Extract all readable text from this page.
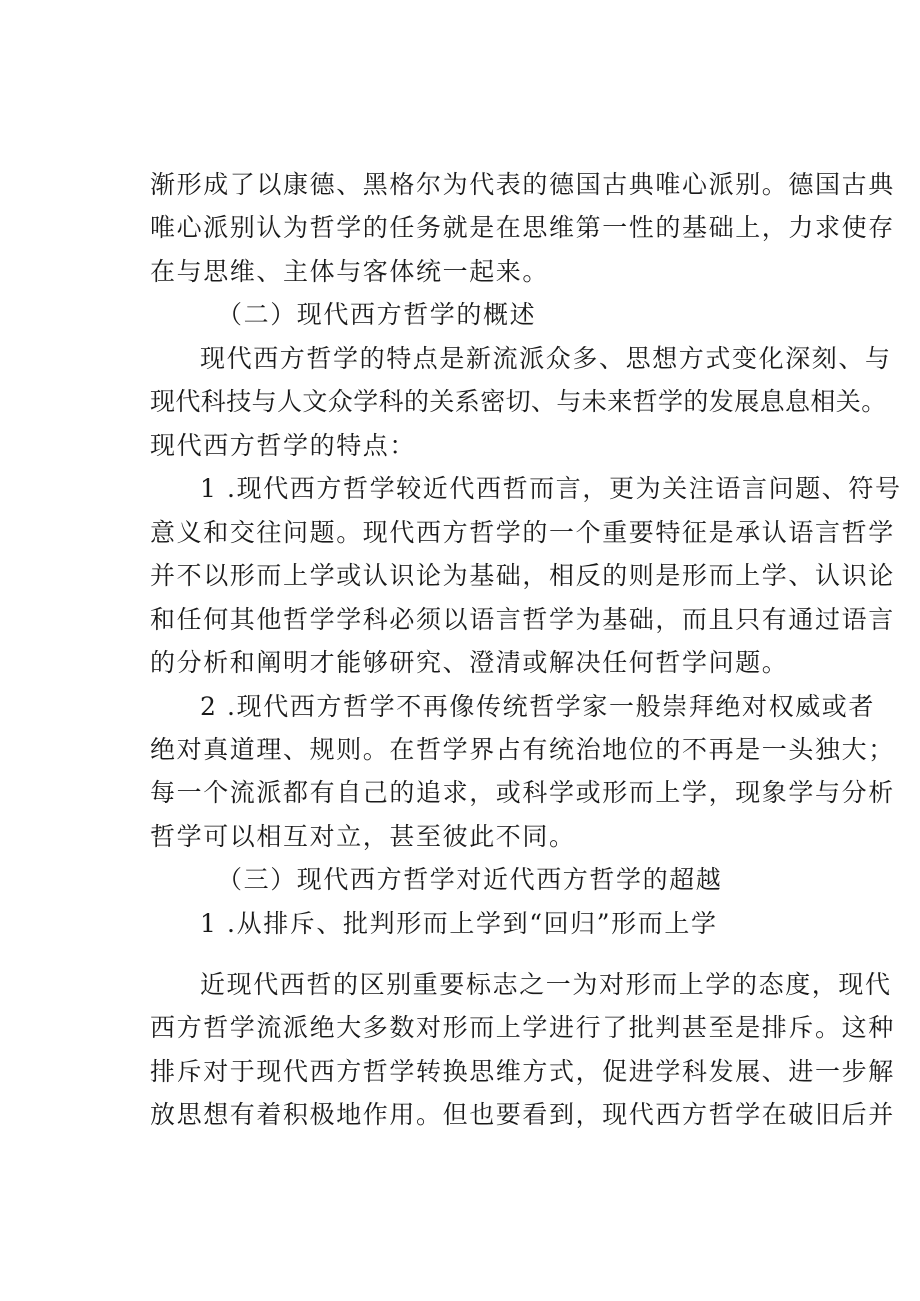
渐形成了以康德、黑格尔为代表的德国古典唯心派别。德国古典
唯心派别认为哲学的任务就是在思维第一性的基础上，力求使存
在与思维、主体与客体统一起来。
（二）现代西方哲学的概述
现代西方哲学的特点是新流派众多、思想方式变化深刻、与
现代科技与人文众学科的关系密切、与未来哲学的发展息息相关。
现代西方哲学的特点：
1 .现代西方哲学较近代西哲而言，更为关注语言问题、符号
意义和交往问题。现代西方哲学的一个重要特征是承认语言哲学
并不以形而上学或认识论为基础，相反的则是形而上学、认识论
和任何其他哲学学科必须以语言哲学为基础，而且只有通过语言
的分析和阐明才能够研究、澄清或解决任何哲学问题。
2 .现代西方哲学不再像传统哲学家一般崇拜绝对权威或者
绝对真道理、规则。在哲学界占有统治地位的不再是一头独大；
每一个流派都有自己的追求，或科学或形而上学，现象学与分析
哲学可以相互对立，甚至彼此不同。
（三）现代西方哲学对近代西方哲学的超越
1 .从排斥、批判形而上学到“回归”形而上学
近现代西哲的区别重要标志之一为对形而上学的态度，现代
西方哲学流派绝大多数对形而上学进行了批判甚至是排斥。这种
排斥对于现代西方哲学转换思维方式，促进学科发展、进一步解
放思想有着积极地作用。但也要看到，现代西方哲学在破旧后并
